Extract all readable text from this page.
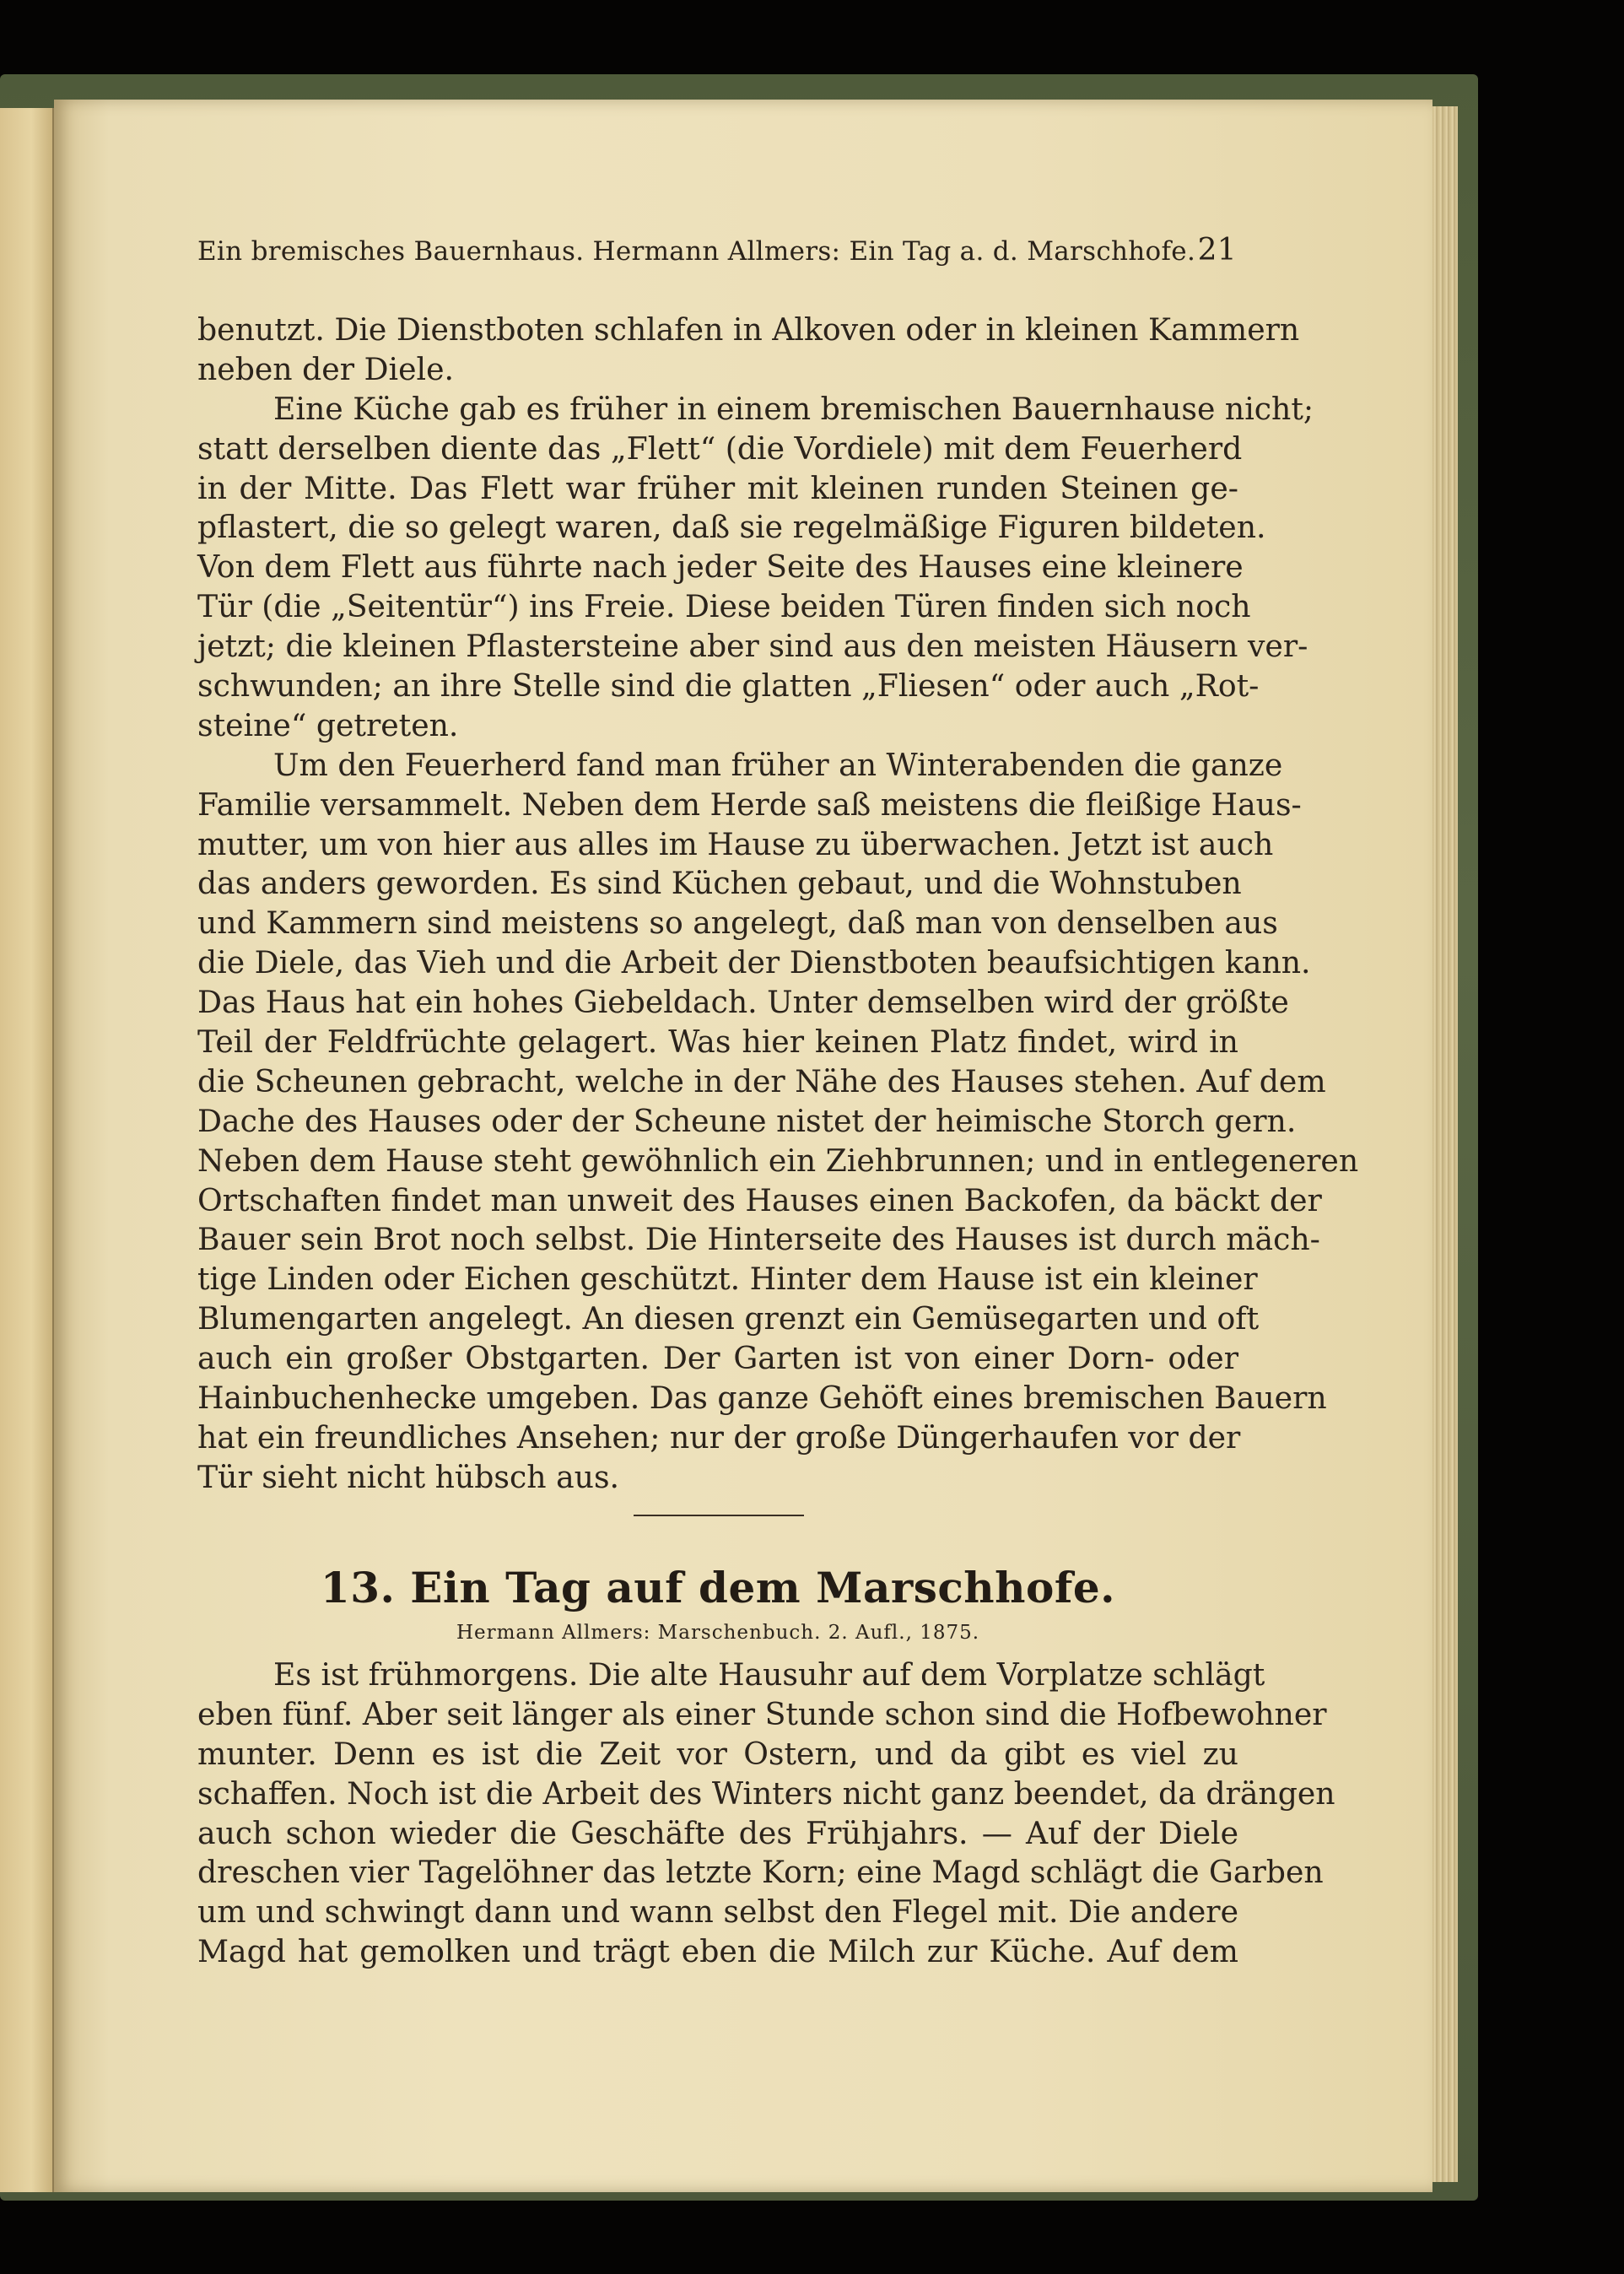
Ein bremisches Bauernhaus. Hermann Allmers: Ein Tag a. d. Marschhofe. 21
benutzt. Die Dienstboten schlafen in Alkoven oder in kleinen Kammern
neben der Diele.
Eine Küche gab es früher in einem bremischen Bauernhause nicht;
statt derselben diente das „Flett“ (die Vordiele) mit dem Feuerherd
in der Mitte. Das Flett war früher mit kleinen runden Steinen ge-
pflastert, die so gelegt waren, daß sie regelmäßige Figuren bildeten.
Von dem Flett aus führte nach jeder Seite des Hauses eine kleinere
Tür (die „Seitentür“) ins Freie. Diese beiden Türen finden sich noch
jetzt; die kleinen Pflastersteine aber sind aus den meisten Häusern ver-
schwunden; an ihre Stelle sind die glatten „Fliesen“ oder auch „Rot-
steine“ getreten.
Um den Feuerherd fand man früher an Winterabenden die ganze
Familie versammelt. Neben dem Herde saß meistens die fleißige Haus-
mutter, um von hier aus alles im Hause zu überwachen. Jetzt ist auch
das anders geworden. Es sind Küchen gebaut, und die Wohnstuben
und Kammern sind meistens so angelegt, daß man von denselben aus
die Diele, das Vieh und die Arbeit der Dienstboten beaufsichtigen kann.
Das Haus hat ein hohes Giebeldach. Unter demselben wird der größte
Teil der Feldfrüchte gelagert. Was hier keinen Platz findet, wird in
die Scheunen gebracht, welche in der Nähe des Hauses stehen. Auf dem
Dache des Hauses oder der Scheune nistet der heimische Storch gern.
Neben dem Hause steht gewöhnlich ein Ziehbrunnen; und in entlegeneren
Ortschaften findet man unweit des Hauses einen Backofen, da bäckt der
Bauer sein Brot noch selbst. Die Hinterseite des Hauses ist durch mäch-
tige Linden oder Eichen geschützt. Hinter dem Hause ist ein kleiner
Blumengarten angelegt. An diesen grenzt ein Gemüsegarten und oft
auch ein großer Obstgarten. Der Garten ist von einer Dorn- oder
Hainbuchenhecke umgeben. Das ganze Gehöft eines bremischen Bauern
hat ein freundliches Ansehen; nur der große Düngerhaufen vor der
Tür sieht nicht hübsch aus.
13. Ein Tag auf dem Marschhofe.
Hermann Allmers: Marschenbuch. 2. Aufl., 1875.
Es ist frühmorgens. Die alte Hausuhr auf dem Vorplatze schlägt
eben fünf. Aber seit länger als einer Stunde schon sind die Hofbewohner
munter. Denn es ist die Zeit vor Ostern, und da gibt es viel zu
schaffen. Noch ist die Arbeit des Winters nicht ganz beendet, da drängen
auch schon wieder die Geschäfte des Frühjahrs. — Auf der Diele
dreschen vier Tagelöhner das letzte Korn; eine Magd schlägt die Garben
um und schwingt dann und wann selbst den Flegel mit. Die andere
Magd hat gemolken und trägt eben die Milch zur Küche. Auf dem
